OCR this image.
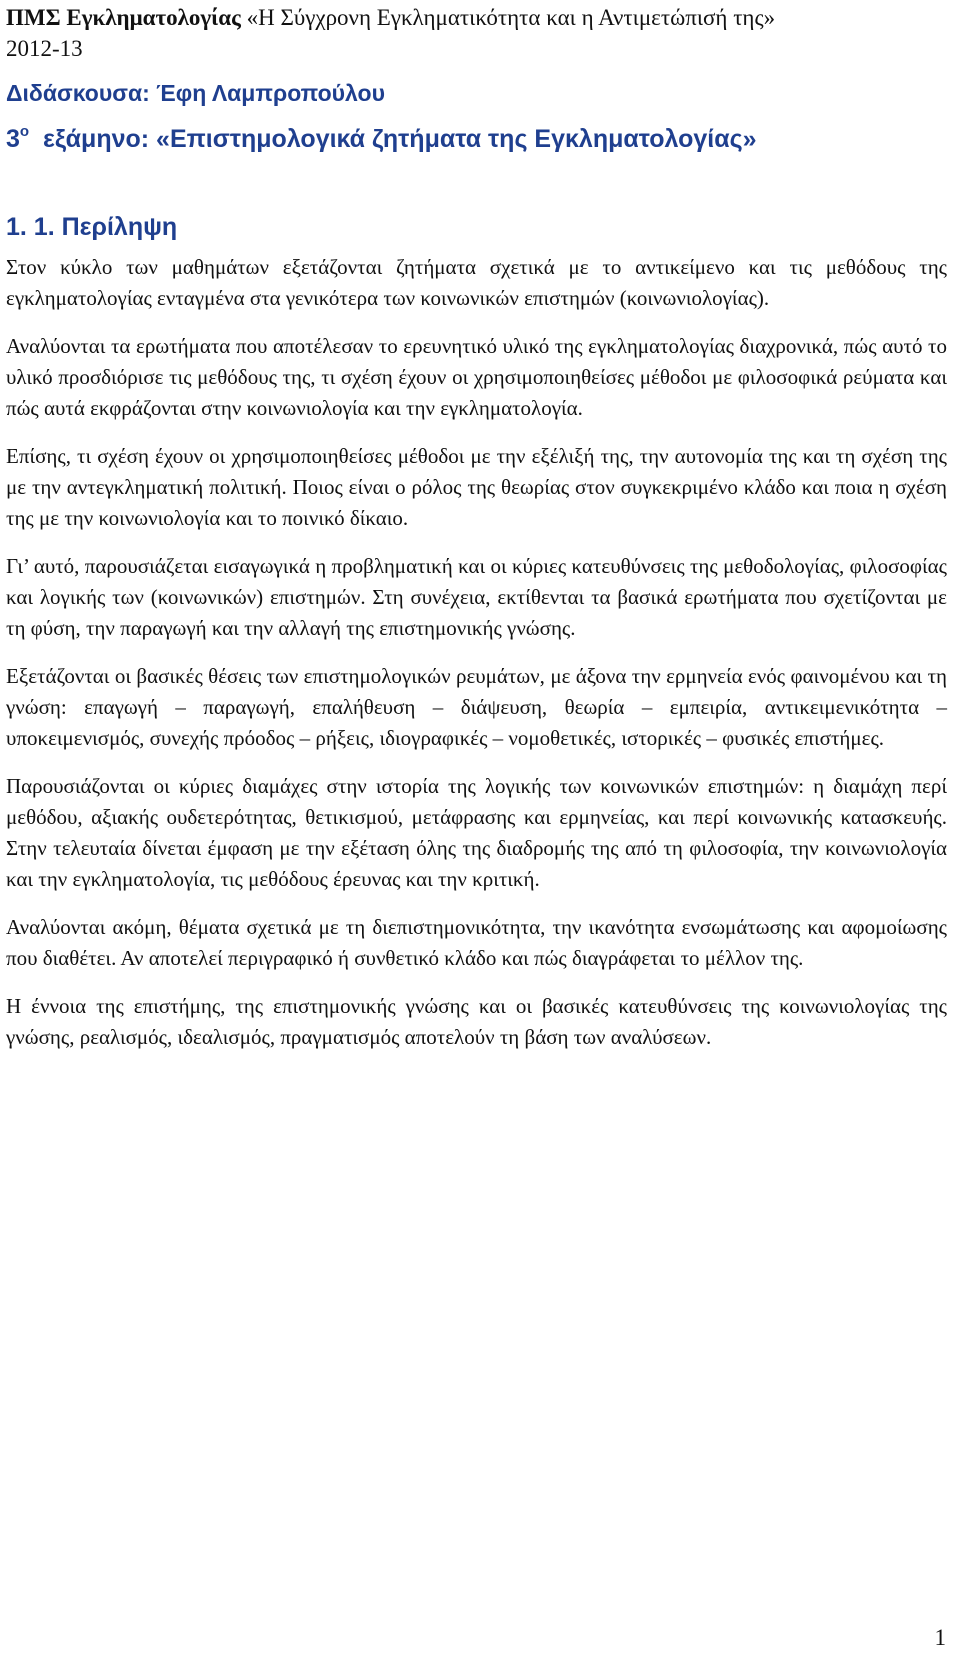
ΠΜΣ Εγκληματολογίας «Η Σύγχρονη Εγκληματικότητα και η Αντιμετώπισή της»
2012-13
Διδάσκουσα: Έφη Λαμπροπούλου
$3^o$ εξάμηνο: «Επιστημολογικά ζητήματα της Εγκληματολογίας»
1. 1. Περίληψη

Στον κύκλο των μαθημάτων εξετάζονται ζητήματα σχετικά με το αντικείμενο και τις μεθόδους της εγκληματολογίας ενταγμένα στα γενικότερα των κοινωνικών επιστημών (κοινωνιολογίας).

Αναλύονται τα ερωτήματα που αποτέλεσαν το ερευνητικό υλικό της εγκληματολογίας διαχρονικά, πώς αυτό το υλικό προσδιόρισε τις μεθόδους της, τι σχέση έχουν οι χρησιμοποιηθείσες μέθοδοι με φιλοσοφικά ρεύματα και πώς αυτά εκφράζονται στην κοινωνιολογία και την εγκληματολογία.

Επίσης, τι σχέση έχουν οι χρησιμοποιηθείσες μέθοδοι με την εξέλιξή της, την αυτονομία της και τη σχέση της με την αντεγκληματική πολιτική. Ποιος είναι ο ρόλος της θεωρίας στον συγκεκριμένο κλάδο και ποια η σχέση της με την κοινωνιολογία και το ποινικό δίκαιο.

Γι’ αυτό, παρουσιάζεται εισαγωγικά η προβληματική και οι κύριες κατευθύνσεις της μεθοδολογίας, φιλοσοφίας και λογικής των (κοινωνικών) επιστημών. Στη συνέχεια, εκτίθενται τα βασικά ερωτήματα που σχετίζονται με τη φύση, την παραγωγή και την αλλαγή της επιστημονικής γνώσης.

Εξετάζονται οι βασικές θέσεις των επιστημολογικών ρευμάτων, με άξονα την ερμηνεία ενός φαινομένου και τη γνώση: επαγωγή – παραγωγή, επαλήθευση – διάψευση, θεωρία – εμπειρία, αντικειμενικότητα – υποκειμενισμός, συνεχής πρόοδος – ρήξεις, ιδιογραφικές – νομοθετικές, ιστορικές – φυσικές επιστήμες.

Παρουσιάζονται οι κύριες διαμάχες στην ιστορία της λογικής των κοινωνικών επιστημών: η διαμάχη περί μεθόδου, αξιακής ουδετερότητας, θετικισμού, μετάφρασης και ερμηνείας, και περί κοινωνικής κατασκευής. Στην τελευταία δίνεται έμφαση με την εξέταση όλης της διαδρομής της από τη φιλοσοφία, την κοινωνιολογία και την εγκληματολογία, τις μεθόδους έρευνας και την κριτική.

Αναλύονται ακόμη, θέματα σχετικά με τη διεπιστημονικότητα, την ικανότητα ενσωμάτωσης και αφομοίωσης που διαθέτει. Αν αποτελεί περιγραφικό ή συνθετικό κλάδο και πώς διαγράφεται το μέλλον της.

Η έννοια της επιστήμης, της επιστημονικής γνώσης και οι βασικές κατευθύνσεις της κοινωνιολογίας της γνώσης, ρεαλισμός, ιδεαλισμός, πραγματισμός αποτελούν τη βάση των αναλύσεων.

1
